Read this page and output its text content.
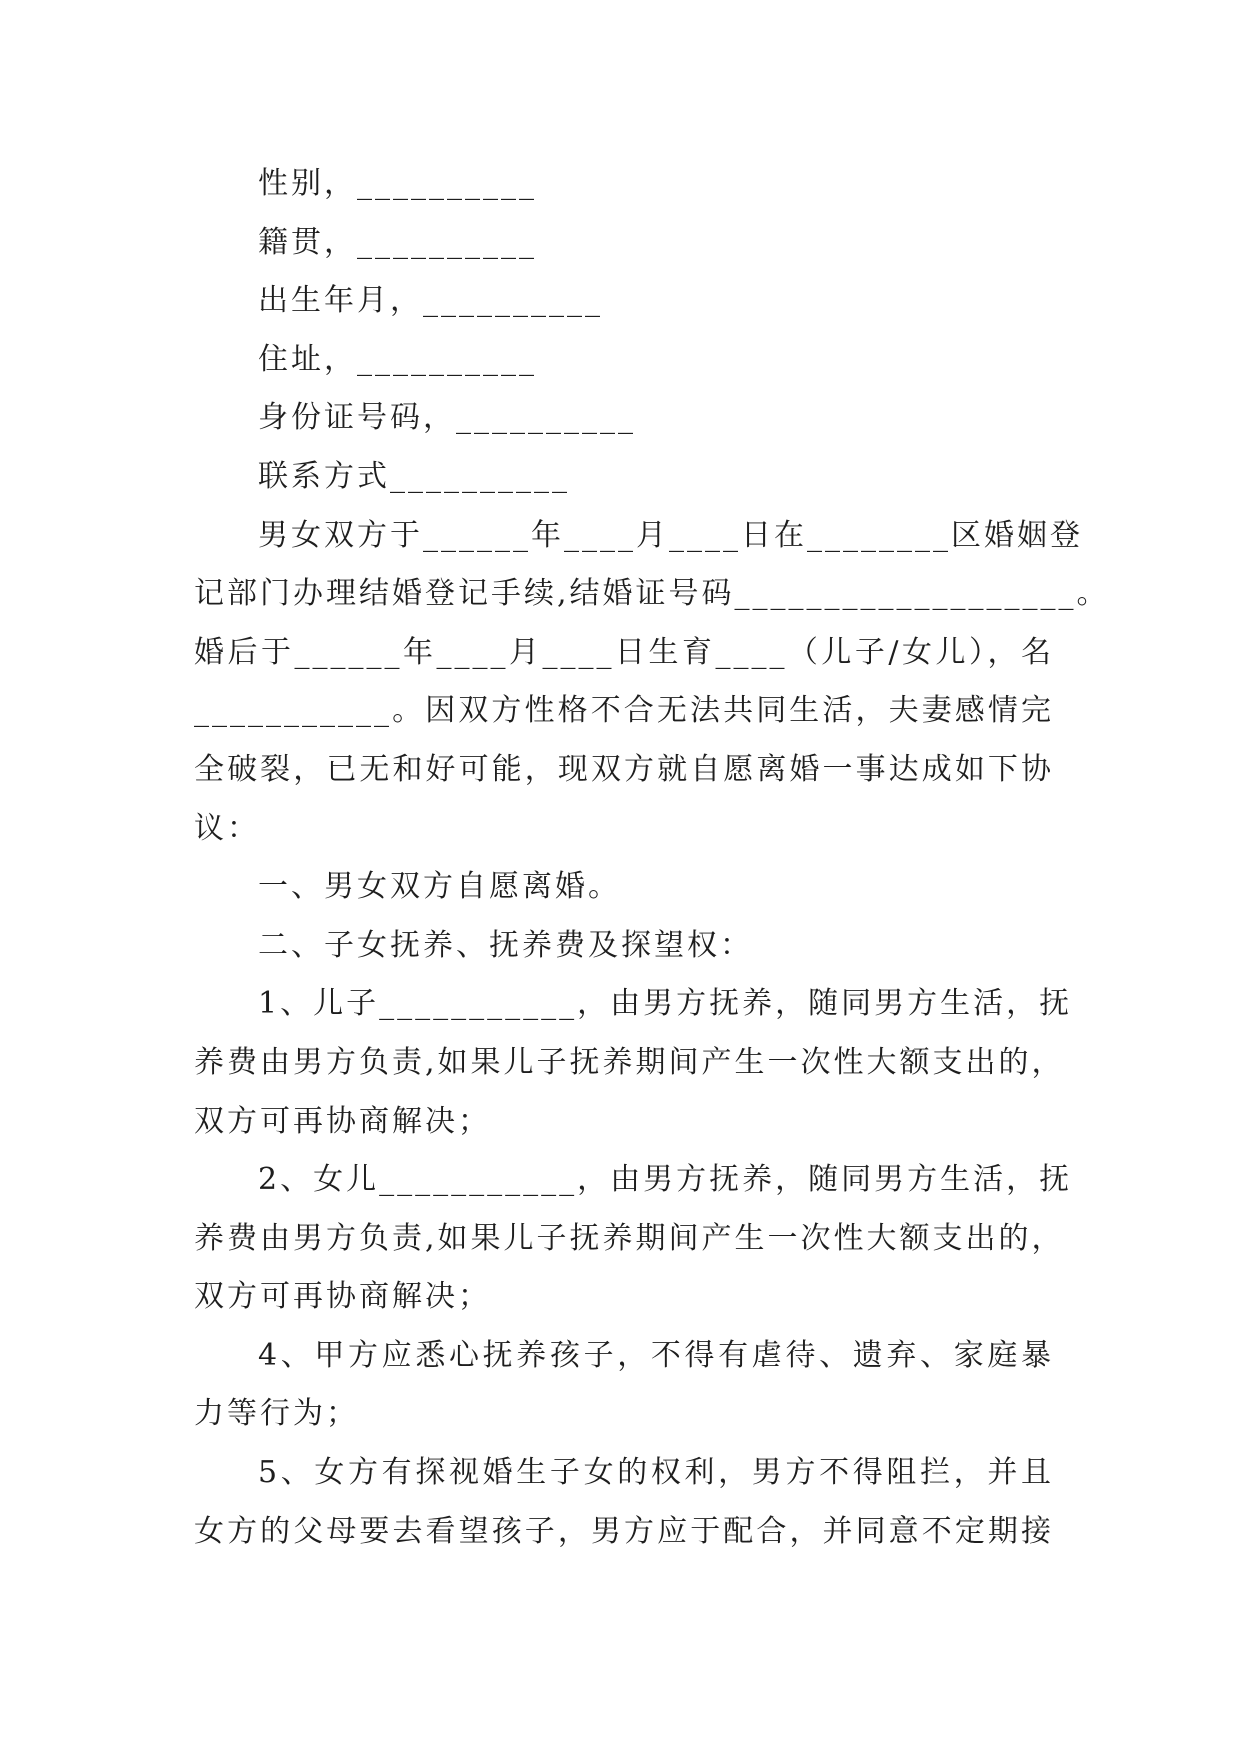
性别，__________
籍贯，__________
出生年月，__________
住址，__________
身份证号码，__________
联系方式__________
男女双方于______年____月____日在________区婚姻登
记部门办理结婚登记手续,结婚证号码___________________。
婚后于______年____月____日生育____（儿子/女儿），名
___________。因双方性格不合无法共同生活，夫妻感情完
全破裂，已无和好可能，现双方就自愿离婚一事达成如下协
议：
一、男女双方自愿离婚。
二、子女抚养、抚养费及探望权：
1、儿子___________，由男方抚养，随同男方生活，抚
养费由男方负责,如果儿子抚养期间产生一次性大额支出的，
双方可再协商解决；
2、女儿___________，由男方抚养，随同男方生活，抚
养费由男方负责,如果儿子抚养期间产生一次性大额支出的，
双方可再协商解决；
4、甲方应悉心抚养孩子，不得有虐待、遗弃、家庭暴
力等行为；
5、女方有探视婚生子女的权利，男方不得阻拦，并且
女方的父母要去看望孩子，男方应于配合，并同意不定期接
